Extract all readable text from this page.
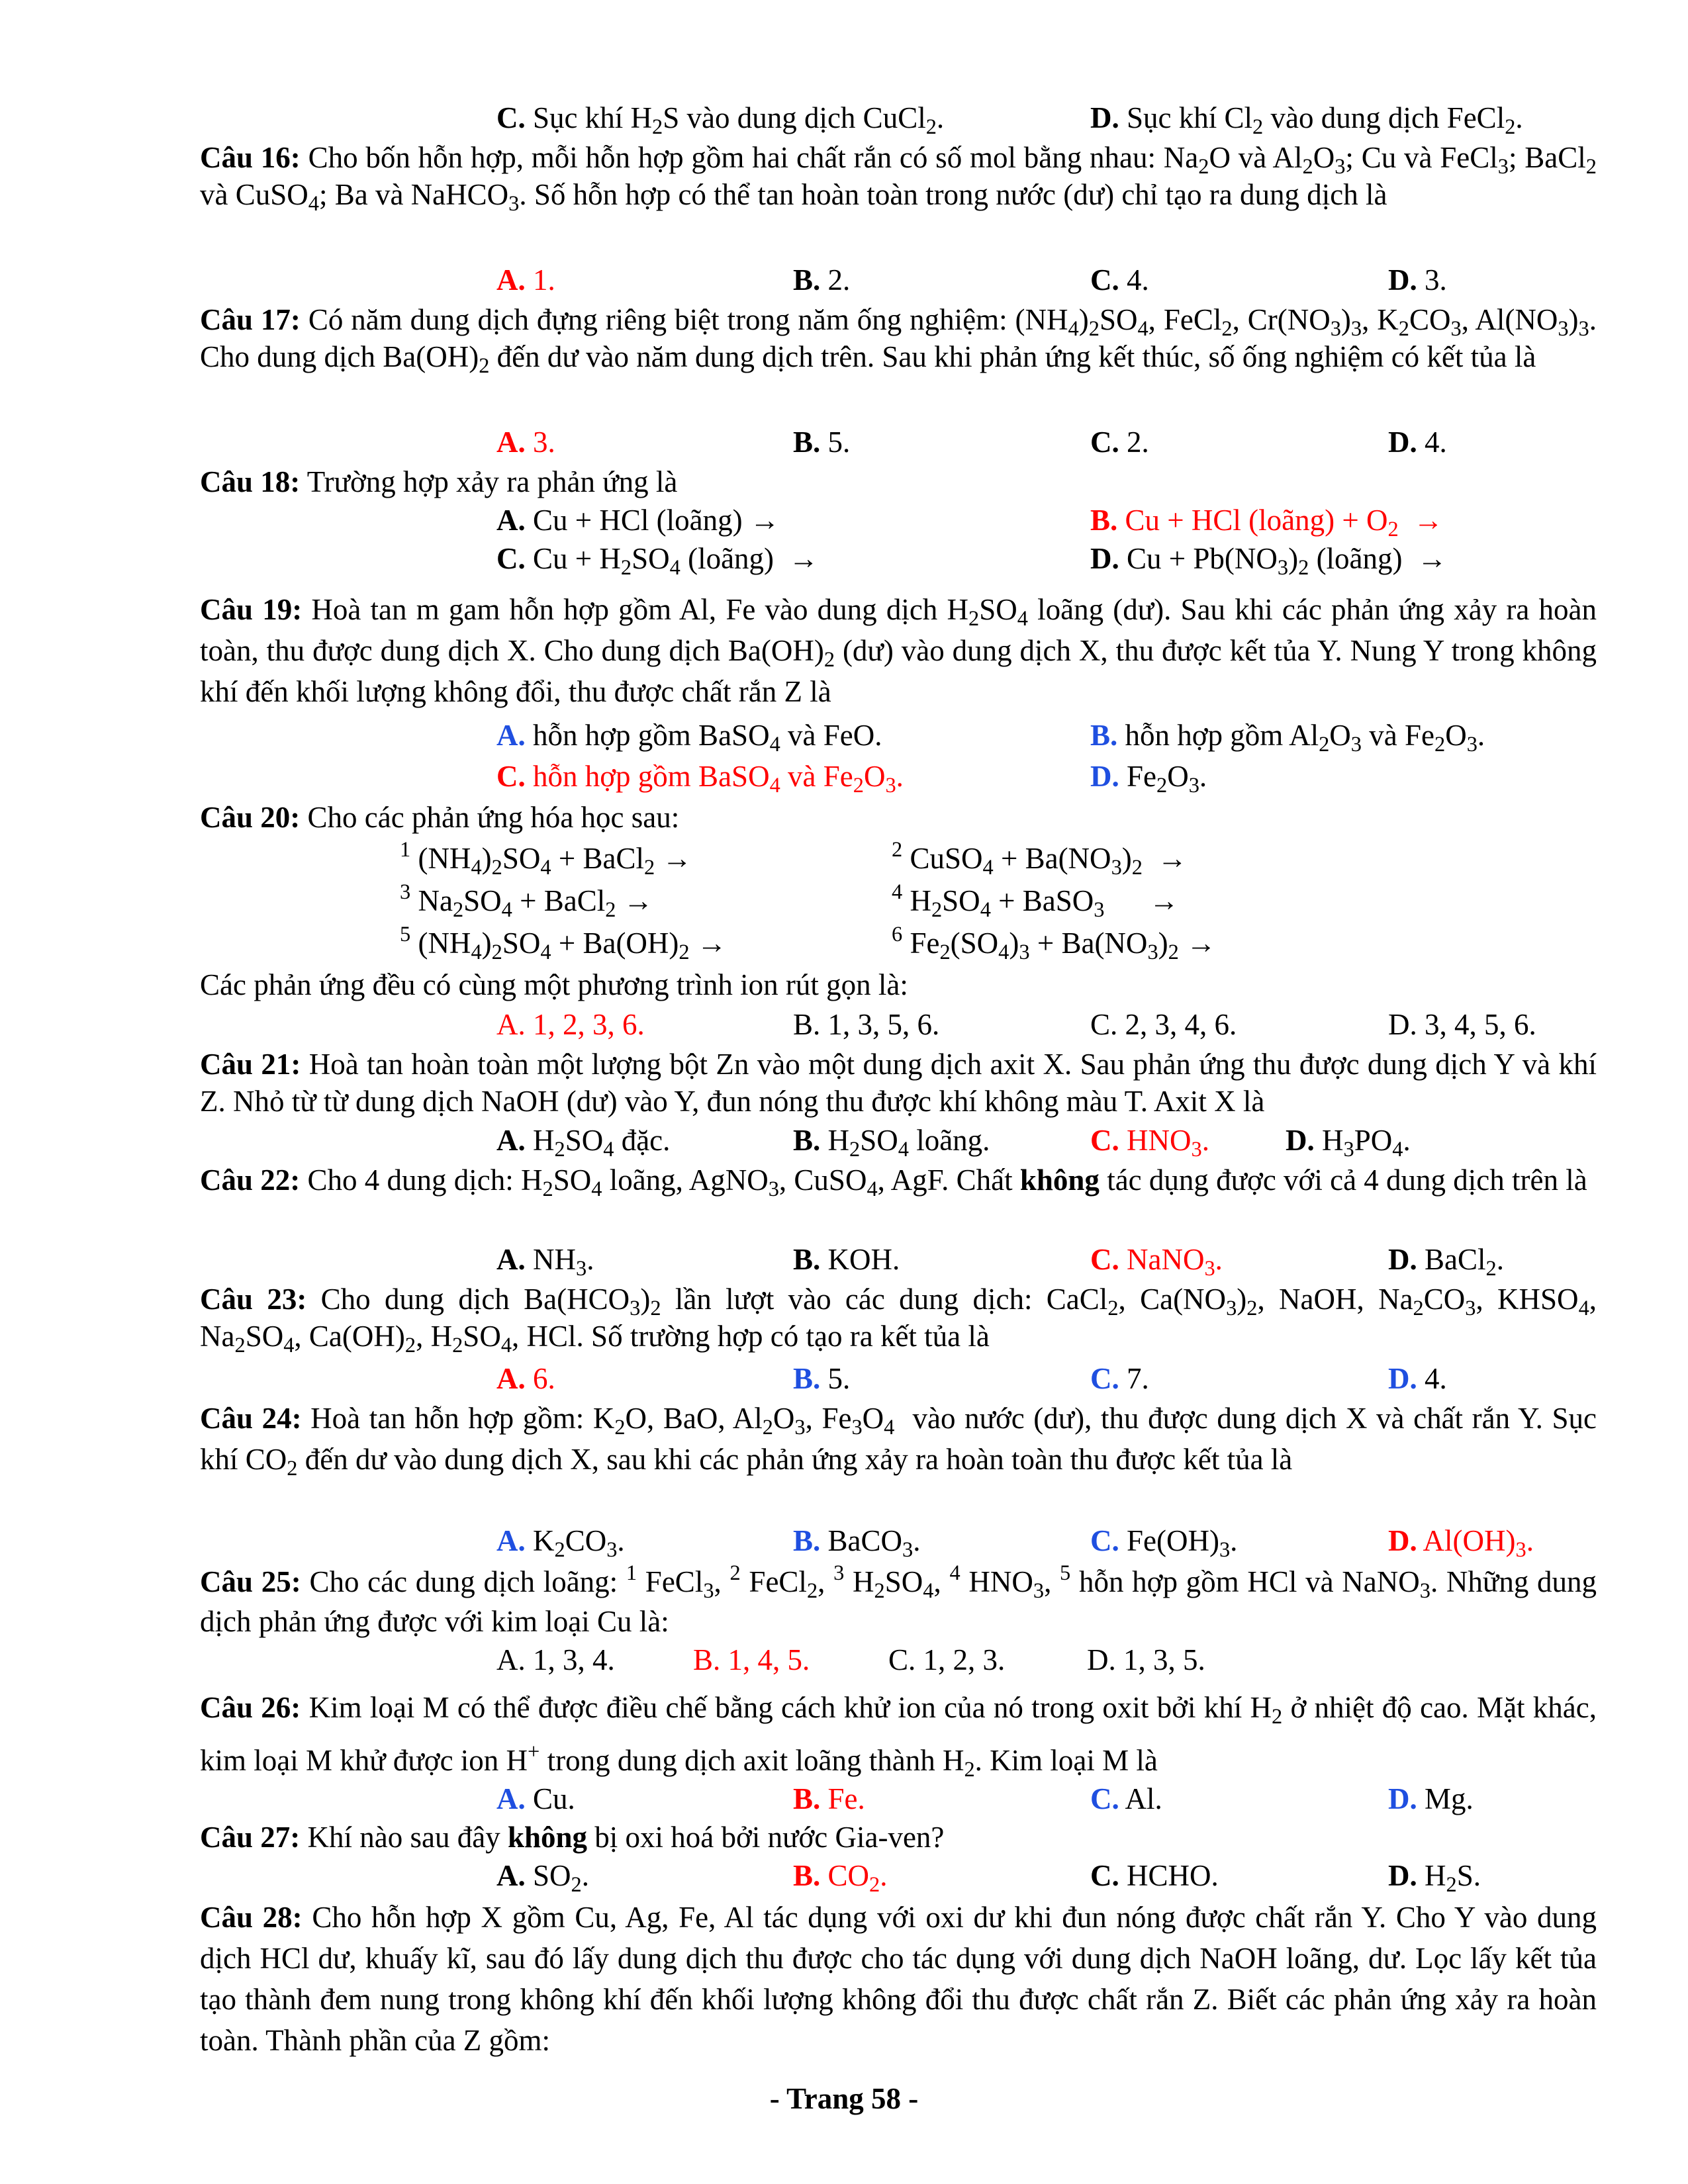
C. Sục khí $H_2S$ vào dung dịch CuCl$_2$.	D. Sục khí $Cl_2$ vào dung dịch FeCl$_2$.
Câu 16: Cho bốn hỗn hợp, mỗi hỗn hợp gồm hai chất rắn có số mol bằng nhau: $Na_2O$ và $Al_2O_3$; Cu và FeCl$_3$; BaCl$_2$ và CuSO$_4$; Ba và NaHCO$_3$. Số hỗn hợp có thể tan hoàn toàn trong nước (dư) chỉ tạo ra dung dịch là
A. 1.	B. 2.	C. 4.	D. 3.
Câu 17: Có năm dung dịch đựng riêng biệt trong năm ống nghiệm: $(NH_4)_2SO_4$, FeCl$_2$, $Cr(NO_3)_3$, $K_2CO_3$, $Al(NO_3)_3$. Cho dung dịch $Ba(OH)_2$ đến dư vào năm dung dịch trên. Sau khi phản ứng kết thúc, số ống nghiệm có kết tủa là
A. 3.	B. 5.	C. 2.	D. 4.
Câu 18: Trường hợp xảy ra phản ứng là
A. Cu + HCl (loãng) →	B. Cu + HCl (loãng) + $O_2$  →
C. $Cu + H_2SO_4$ (loãng)  →	D. $Cu + Pb(NO_3)_2$ (loãng)  →
Câu 19: Hoà tan m gam hỗn hợp gồm Al, Fe vào dung dịch $H_2SO_4$ loãng (dư). Sau khi các phản ứng xảy ra hoàn toàn, thu được dung dịch X. Cho dung dịch $Ba(OH)_2$ (dư) vào dung dịch X, thu được kết tủa Y. Nung Y trong không khí đến khối lượng không đổi, thu được chất rắn Z là
A. hỗn hợp gồm BaSO$_4$ và FeO.	B. hỗn hợp gồm $Al_2O_3$ và $Fe_2O_3$.
C. hỗn hợp gồm BaSO$_4$ và $Fe_2O_3$.	D. $Fe_2O_3$.
Câu 20: Cho các phản ứng hóa học sau:
$^1$ $(NH_4)_2SO_4$ + BaCl$_2$ →	$^2$ CuSO$_4$ + $Ba(NO_3)_2$  →
$^3$ $Na_2SO_4$ + BaCl$_2$ →	$^4$ $H_2SO_4$ + BaSO$_3$      →
$^5$ $(NH_4)_2SO_4 + Ba(OH)_2$ →	$^6$ $Fe_2(SO_4)_3 + Ba(NO_3)_2$ →
Các phản ứng đều có cùng một phương trình ion rút gọn là:
A. 1, 2, 3, 6.	B. 1, 3, 5, 6.	C. 2, 3, 4, 6.	D. 3, 4, 5, 6.
Câu 21: Hoà tan hoàn toàn một lượng bột Zn vào một dung dịch axit X. Sau phản ứng thu được dung dịch Y và khí Z. Nhỏ từ từ dung dịch NaOH (dư) vào Y, đun nóng thu được khí không màu T. Axit X là
A. $H_2SO_4$ đặc.	B. $H_2SO_4$ loãng.	C. $HNO_3$.	D. $H_3PO_4$.
Câu 22: Cho 4 dung dịch: $H_2SO_4$ loãng, AgNO$_3$, CuSO$_4$, AgF. Chất không tác dụng được với cả 4 dung dịch trên là
A. $NH_3$.	B. KOH.	C. NaNO$_3$.	D. BaCl$_2$.
Câu 23: Cho dung dịch $Ba(HCO_3)_2$ lần lượt vào các dung dịch: CaCl$_2$, $Ca(NO_3)_2$, NaOH, $Na_2CO_3$, $KHSO_4$, $Na_2SO_4$, $Ca(OH)_2$, $H_2SO_4$, HCl. Số trường hợp có tạo ra kết tủa là
A. 6.	B. 5.	C. 7.	D. 4.
Câu 24: Hoà tan hỗn hợp gồm: $K_2O$, BaO, $Al_2O_3$, $Fe_3O_4$  vào nước (dư), thu được dung dịch X và chất rắn Y. Sục khí $CO_2$ đến dư vào dung dịch X, sau khi các phản ứng xảy ra hoàn toàn thu được kết tủa là
A. $K_2CO_3$.	B. BaCO$_3$.	C. $Fe(OH)_3$.	D. $Al(OH)_3$.
Câu 25: Cho các dung dịch loãng: $^1$ FeCl$_3$, $^2$ FeCl$_2$, $^3$ $H_2SO_4$, $^4$ $HNO_3$, $^5$ hỗn hợp gồm HCl và NaNO$_3$. Những dung dịch phản ứng được với kim loại Cu là:
A. 1, 3, 4.	B. 1, 4, 5.	C. 1, 2, 3.	D. 1, 3, 5.
Câu 26: Kim loại M có thể được điều chế bằng cách khử ion của nó trong oxit bởi khí $H_2$ ở nhiệt độ cao. Mặt khác, kim loại M khử được ion H+ trong dung dịch axit loãng thành $H_2$. Kim loại M là
A. Cu.	B. Fe.	C. Al.	D. Mg.
Câu 27: Khí nào sau đây không bị oxi hoá bởi nước Gia-ven?
A. $SO_2$.	B. $CO_2$.	C. HCHO.	D. $H_2S$.
Câu 28: Cho hỗn hợp X gồm Cu, Ag, Fe, Al tác dụng với oxi dư khi đun nóng được chất rắn Y. Cho Y vào dung dịch HCl dư, khuấy kĩ, sau đó lấy dung dịch thu được cho tác dụng với dung dịch NaOH loãng, dư. Lọc lấy kết tủa tạo thành đem nung trong không khí đến khối lượng không đổi thu được chất rắn Z. Biết các phản ứng xảy ra hoàn toàn. Thành phần của Z gồm:
- Trang 58 -
